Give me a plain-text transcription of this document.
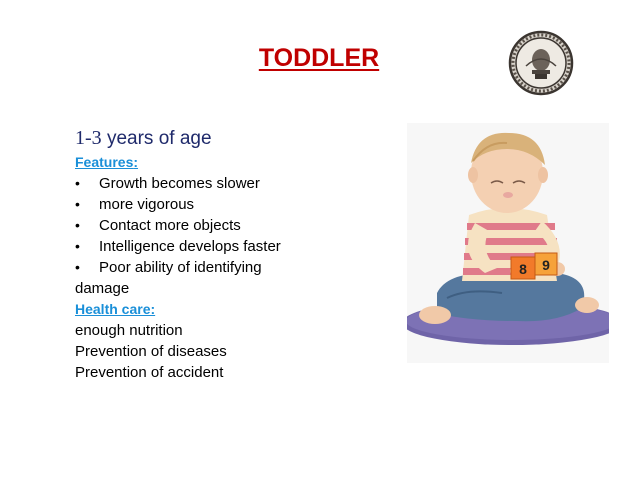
TODDLER
1-3 years of age
Features:
•	Growth becomes slower
•	more vigorous
•	Contact more objects
•	Intelligence develops faster
•	Poor ability of identifying
damage
Health care:
enough nutrition
Prevention of diseases
Prevention of accident
8 9
